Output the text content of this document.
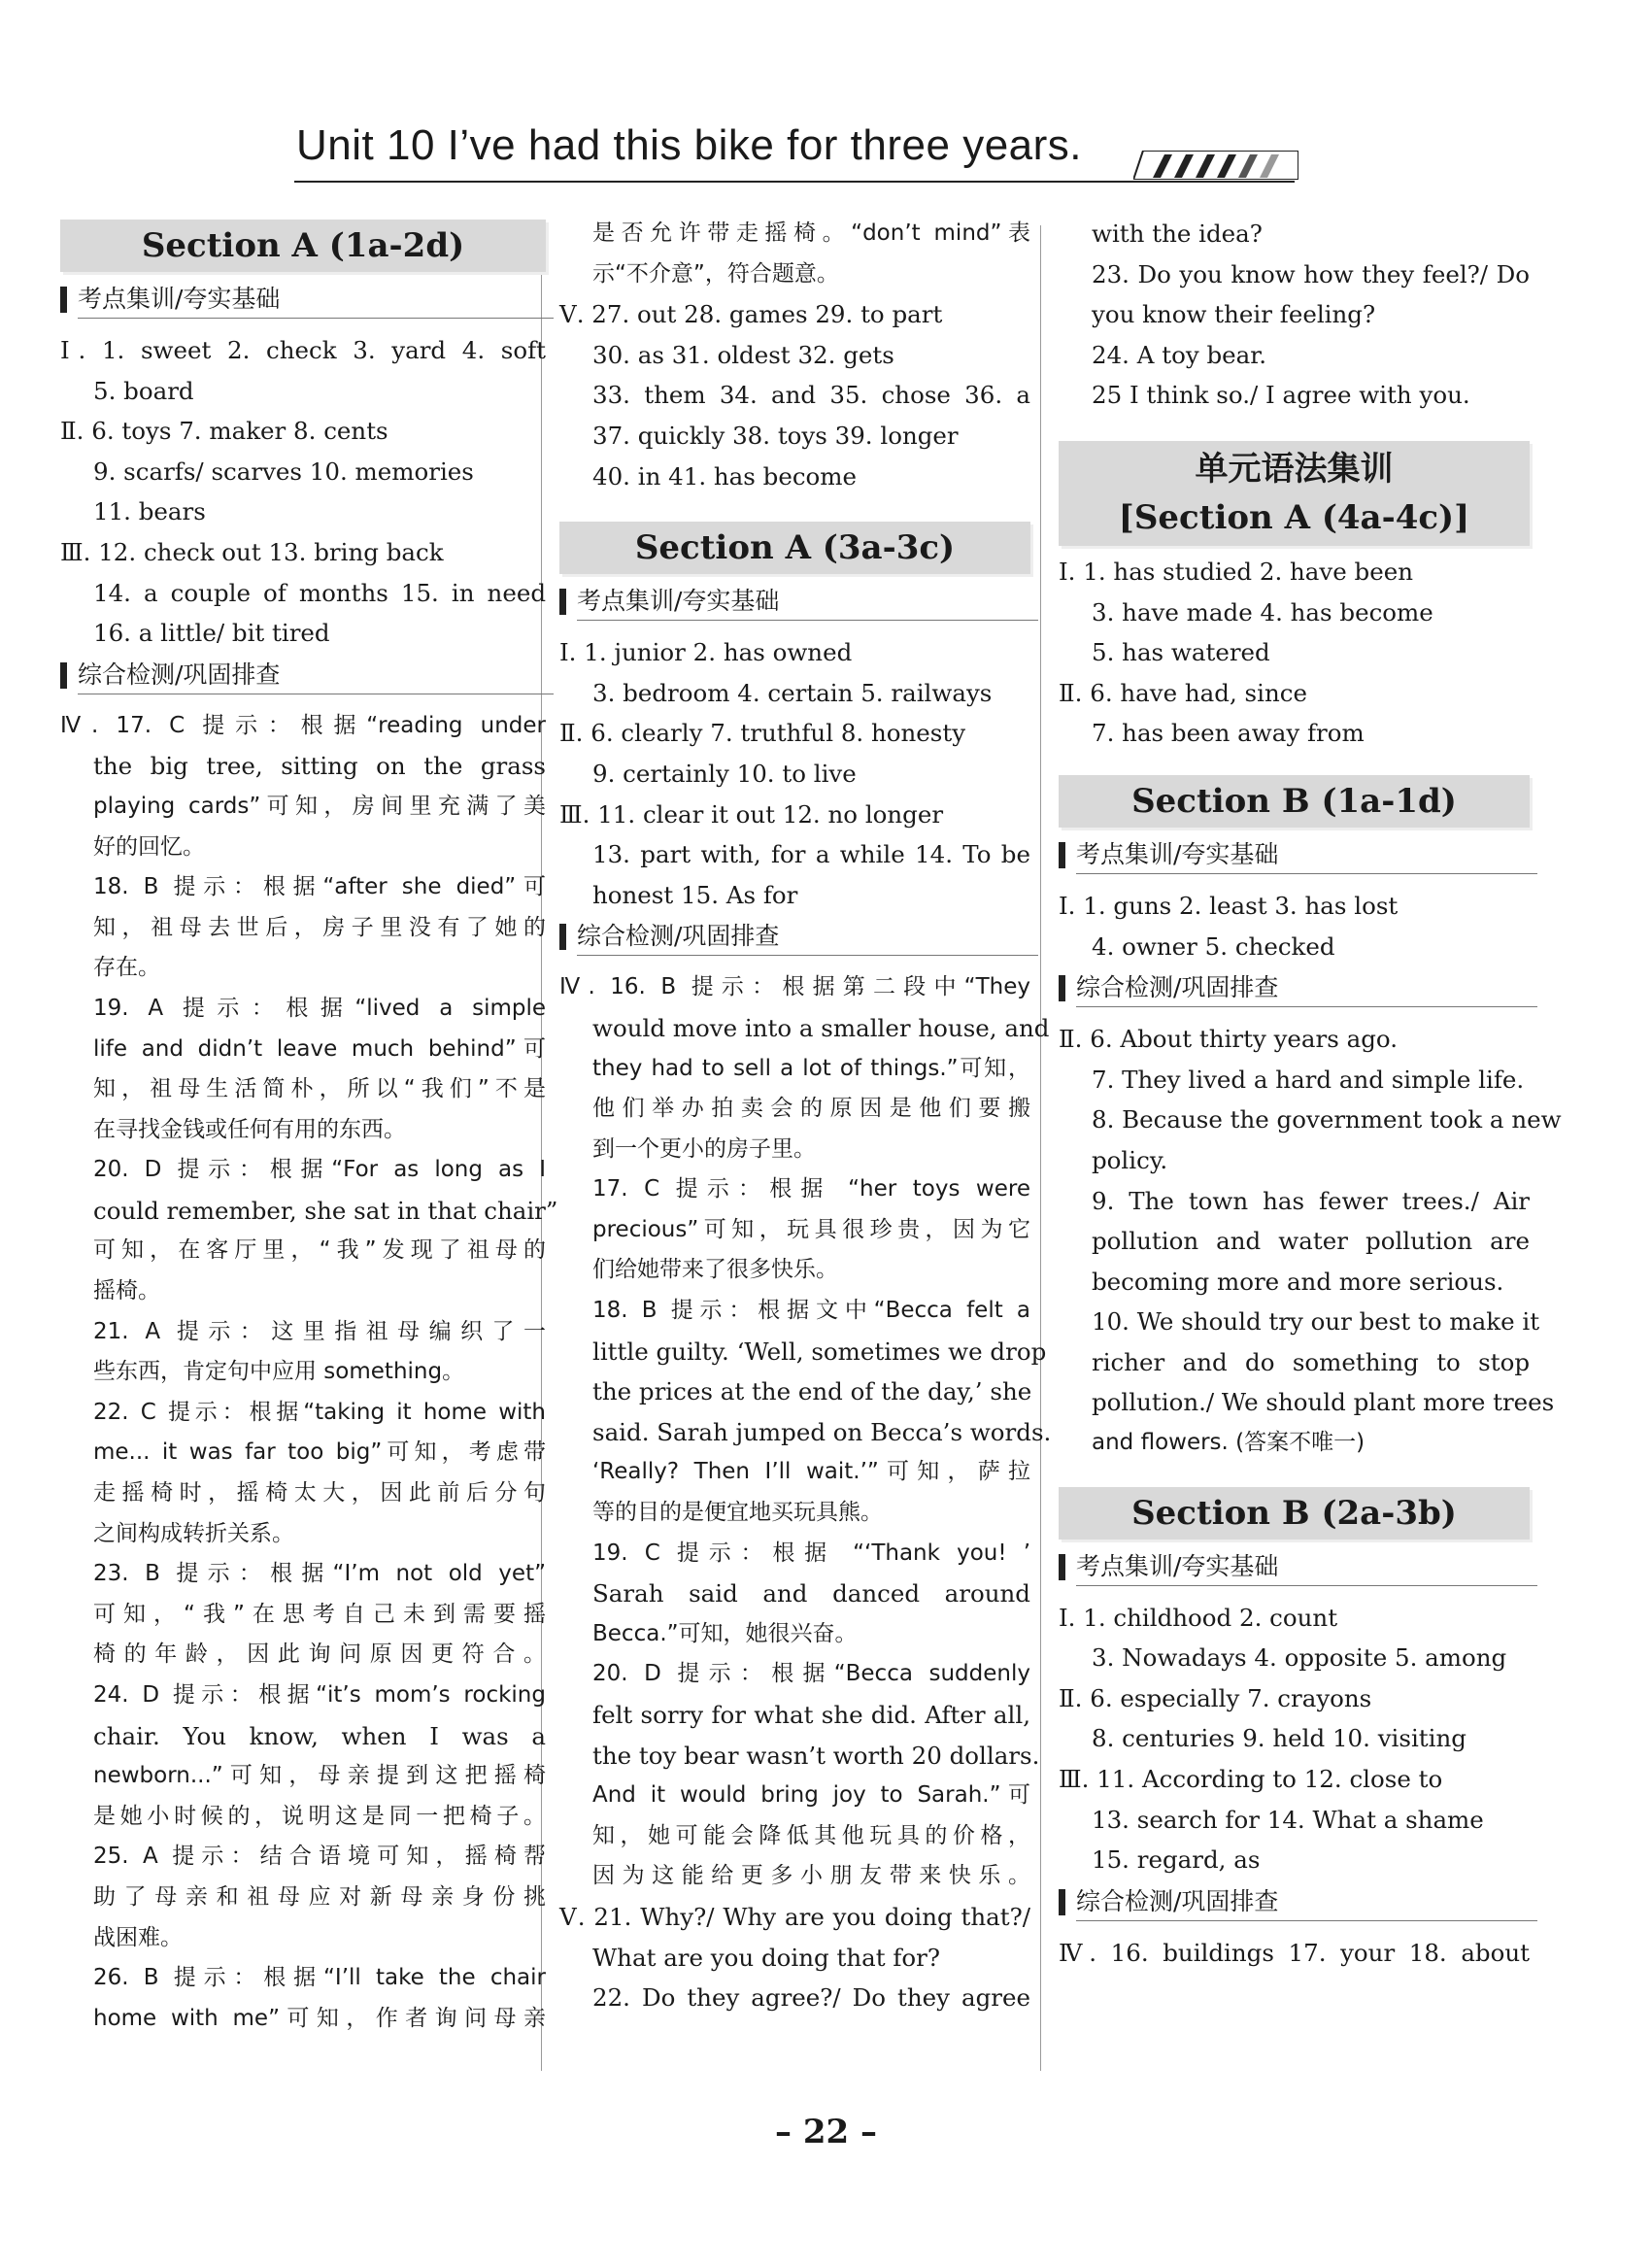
Unit 10 I’ve had this bike for three years.
Section A (1a-2d)
考点集训/夸实基础
Ⅰ. 1. sweet 2. check 3. yard 4. soft
5. board
Ⅱ. 6. toys 7. maker 8. cents
9. scarfs/ scarves 10. memories
11. bears
Ⅲ. 12. check out 13. bring back
14. a couple of months 15. in need
16. a little/ bit tired
综合检测/巩固排查
Ⅳ. 17. C 提示：根据“reading under
the big tree, sitting on the grass
playing cards”可知，房间里充满了美
好的回忆。
18. B 提示：根据“after she died”可
知，祖母去世后，房子里没有了她的
存在。
19. A 提示：根据“lived a simple
life and didn’t leave much behind”可
知，祖母生活简朴，所以“我们”不是
在寻找金钱或任何有用的东西。
20. D 提示：根据“For as long as I
could remember, she sat in that chair”
可知，在客厅里，“我”发现了祖母的
摇椅。
21. A 提示：这里指祖母编织了一
些东西，肯定句中应用 something。
22. C 提示：根据“taking it home with
me... it was far too big”可知，考虑带
走摇椅时，摇椅太大，因此前后分句
之间构成转折关系。
23. B 提示：根据“I’m not old yet”
可知，“我”在思考自己未到需要摇
椅的年龄，因此询问原因更符合。
24. D 提示：根据“it’s mom’s rocking
chair. You know, when I was a
newborn...”可知，母亲提到这把摇椅
是她小时候的，说明这是同一把椅子。
25. A 提示：结合语境可知，摇椅帮
助了母亲和祖母应对新母亲身份挑
战困难。
26. B 提示：根据“I’ll take the chair
home with me”可知，作者询问母亲
是否允许带走摇椅。“don’t mind”表
示“不介意”，符合题意。
Ⅴ. 27. out 28. games 29. to part
30. as 31. oldest 32. gets
33. them 34. and 35. chose 36. a
37. quickly 38. toys 39. longer
40. in 41. has become
Section A (3a-3c)
考点集训/夸实基础
Ⅰ. 1. junior 2. has owned
3. bedroom 4. certain 5. railways
Ⅱ. 6. clearly 7. truthful 8. honesty
9. certainly 10. to live
Ⅲ. 11. clear it out 12. no longer
13. part with, for a while 14. To be
honest 15. As for
综合检测/巩固排查
Ⅳ. 16. B 提示：根据第二段中“They
would move into a smaller house, and
they had to sell a lot of things.”可知，
他们举办拍卖会的原因是他们要搬
到一个更小的房子里。
17. C 提示：根据 “her toys were
precious”可知，玩具很珍贵，因为它
们给她带来了很多快乐。
18. B 提示：根据文中“Becca felt a
little guilty. ‘Well, sometimes we drop
the prices at the end of the day,’ she
said. Sarah jumped on Becca’s words.
‘Really? Then I’ll wait.’”可知，萨拉
等的目的是便宜地买玩具熊。
19. C 提示：根据 “‘Thank you! ’
Sarah said and danced around
Becca.”可知，她很兴奋。
20. D 提示：根据“Becca suddenly
felt sorry for what she did. After all,
the toy bear wasn’t worth 20 dollars.
And it would bring joy to Sarah.”可
知，她可能会降低其他玩具的价格，
因为这能给更多小朋友带来快乐。
Ⅴ. 21. Why?/ Why are you doing that?/
What are you doing that for?
22. Do they agree?/ Do they agree
with the idea?
23. Do you know how they feel?/ Do
you know their feeling?
24. A toy bear.
25 I think so./ I agree with you.
单元语法集训
[Section A (4a-4c)]
Ⅰ. 1. has studied 2. have been
3. have made 4. has become
5. has watered
Ⅱ. 6. have had, since
7. has been away from
Section B (1a-1d)
考点集训/夸实基础
Ⅰ. 1. guns 2. least 3. has lost
4. owner 5. checked
综合检测/巩固排查
Ⅱ. 6. About thirty years ago.
7. They lived a hard and simple life.
8. Because the government took a new
policy.
9. The town has fewer trees./ Air
pollution and water pollution are
becoming more and more serious.
10. We should try our best to make it
richer and do something to stop
pollution./ We should plant more trees
and flowers. (答案不唯一)
Section B (2a-3b)
考点集训/夸实基础
Ⅰ. 1. childhood 2. count
3. Nowadays 4. opposite 5. among
Ⅱ. 6. especially 7. crayons
8. centuries 9. held 10. visiting
Ⅲ. 11. According to 12. close to
13. search for 14. What a shame
15. regard, as
综合检测/巩固排查
Ⅳ. 16. buildings 17. your 18. about
– 22 –
